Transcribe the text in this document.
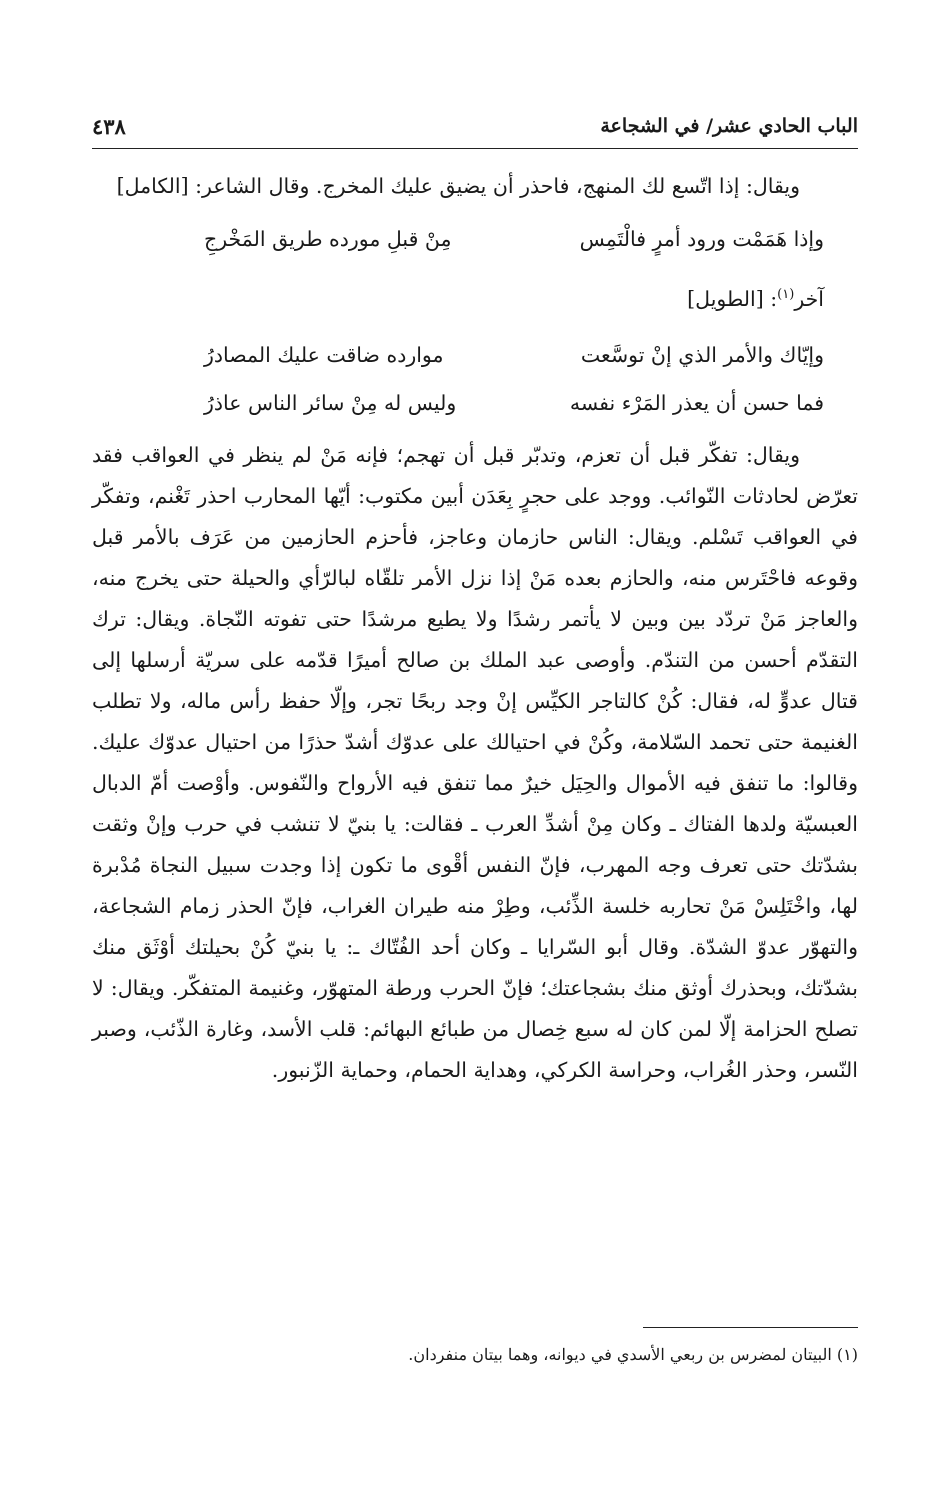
الباب الحادي عشر/ في الشجاعة
٤٣٨

ويقال: إذا اتّسع لك المنهج، فاحذر أن يضيق عليك المخرج. وقال الشاعر: [الكامل]

وإذا هَمَمْت ورود أمرٍ فالْتَمِس
مِنْ قبلِ مورده طريق المَخْرجِ
آخر$^{(١)}$: [الطويل]
وإيّاك والأمر الذي إنْ توسَّعت
موارده ضاقت عليك المصادرُ
فما حسن أن يعذر المَرْء نفسه
وليس له مِنْ سائر الناس عاذرُ

ويقال: تفكّر قبل أن تعزم، وتدبّر قبل أن تهجم؛ فإنه مَنْ لم ينظر في العواقب فقد تعرّض لحادثات النّوائب. ووجد على حجرٍ بِعَدَن أبين مكتوب: أيّها المحارب احذر تَغْنم، وتفكّر في العواقب تَسْلم. ويقال: الناس حازمان وعاجز، فأحزم الحازمين من عَرَف بالأمر قبل وقوعه فاحْتَرس منه، والحازم بعده مَنْ إذا نزل الأمر تلقّاه لبالرّأي والحيلة حتى يخرج منه، والعاجز مَنْ تردّد بين وبين لا يأتمر رشدًا ولا يطيع مرشدًا حتى تفوته النّجاة. ويقال: ترك التقدّم أحسن من التندّم. وأوصى عبد الملك بن صالح أميرًا قدّمه على سريّة أرسلها إلى قتال عدوٍّ له، فقال: كُنْ كالتاجر الكيِّس إنْ وجد ربحًا تجر، وإلّا حفظ رأس ماله، ولا تطلب الغنيمة حتى تحمد السّلامة، وكُنْ في احتيالك على عدوّك أشدّ حذرًا من احتيال عدوّك عليك. وقالوا: ما تنفق فيه الأموال والحِيَل خيرٌ مما تنفق فيه الأرواح والنّفوس. وأوْصت أمّ الدبال العبسيّة ولدها الفتاك ـ وكان مِنْ أشدِّ العرب ـ فقالت: يا بنيّ لا تنشب في حرب وإنْ وثقت بشدّتك حتى تعرف وجه المهرب، فإنّ النفس أقْوى ما تكون إذا وجدت سبيل النجاة مُدْبرة لها، واخْتَلِسْ مَنْ تحاربه خلسة الذِّئب، وطِرْ منه طيران الغراب، فإنّ الحذر زمام الشجاعة، والتهوّر عدوّ الشدّة. وقال أبو السّرايا ـ وكان أحد الفُتّاك ـ: يا بنيّ كُنْ بحيلتك أوْثَق منك بشدّتك، وبحذرك أوثق منك بشجاعتك؛ فإنّ الحرب ورطة المتهوّر، وغنيمة المتفكّر. ويقال: لا تصلح الحزامة إلّا لمن كان له سبع خِصال من طبائع البهائم: قلب الأسد، وغارة الذّئب، وصبر النّسر، وحذر الغُراب، وحراسة الكركي، وهداية الحمام، وحماية الزّنبور.

(١) البيتان لمضرس بن ربعي الأسدي في ديوانه، وهما بيتان منفردان.
